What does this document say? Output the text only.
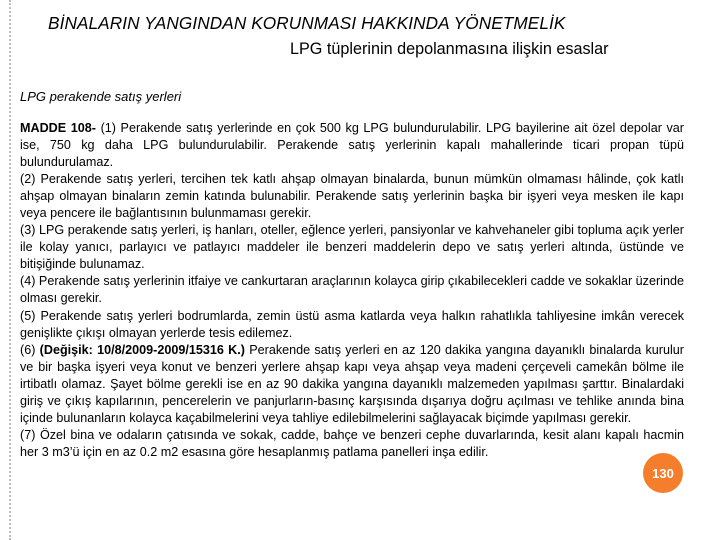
BİNALARIN YANGINDAN KORUNMASI HAKKINDA YÖNETMELİK
LPG tüplerinin depolanmasına ilişkin esaslar
LPG perakende satış yerleri

MADDE 108- (1) Perakende satış yerlerinde en çok 500 kg LPG bulundurulabilir. LPG bayilerine ait özel depolar var ise, 750 kg daha LPG bulundurulabilir. Perakende satış yerlerinin kapalı mahallerinde ticari propan tüpü bulundurulamaz.

(2) Perakende satış yerleri, tercihen tek katlı ahşap olmayan binalarda, bunun mümkün olmaması hâlinde, çok katlı ahşap olmayan binaların zemin katında bulunabilir. Perakende satış yerlerinin başka bir işyeri veya mesken ile kapı veya pencere ile bağlantısının bulunmaması gerekir.

(3) LPG perakende satış yerleri, iş hanları, oteller, eğlence yerleri, pansiyonlar ve kahvehaneler gibi topluma açık yerler ile kolay yanıcı, parlayıcı ve patlayıcı maddeler ile benzeri maddelerin depo ve satış yerleri altında, üstünde ve bitişiğinde bulunamaz.

(4) Perakende satış yerlerinin itfaiye ve cankurtaran araçlarının kolayca girip çıkabilecekleri cadde ve sokaklar üzerinde olması gerekir.

(5) Perakende satış yerleri bodrumlarda, zemin üstü asma katlarda veya halkın rahatlıkla tahliyesine imkân verecek genişlikte çıkışı olmayan yerlerde tesis edilemez.

(6) (Değişik: 10/8/2009-2009/15316 K.) Perakende satış yerleri en az 120 dakika yangına dayanıklı binalarda kurulur ve bir başka işyeri veya konut ve benzeri yerlere ahşap kapı veya ahşap veya madeni çerçeveli camekân bölme ile irtibatlı olamaz. Şayet bölme gerekli ise en az 90 dakika yangına dayanıklı malzemeden yapılması şarttır. Binalardaki giriş ve çıkış kapılarının, pencerelerin ve panjurların-basınç karşısında dışarıya doğru açılması ve tehlike anında bina içinde bulunanların kolayca kaçabilmelerini veya tahliye edilebilmelerini sağlayacak biçimde yapılması gerekir.

(7) Özel bina ve odaların çatısında ve sokak, cadde, bahçe ve benzeri cephe duvarlarında, kesit alanı kapalı hacmin her 3 m3’ü için en az 0.2 m2 esasına göre hesaplanmış patlama panelleri inşa edilir.

130
